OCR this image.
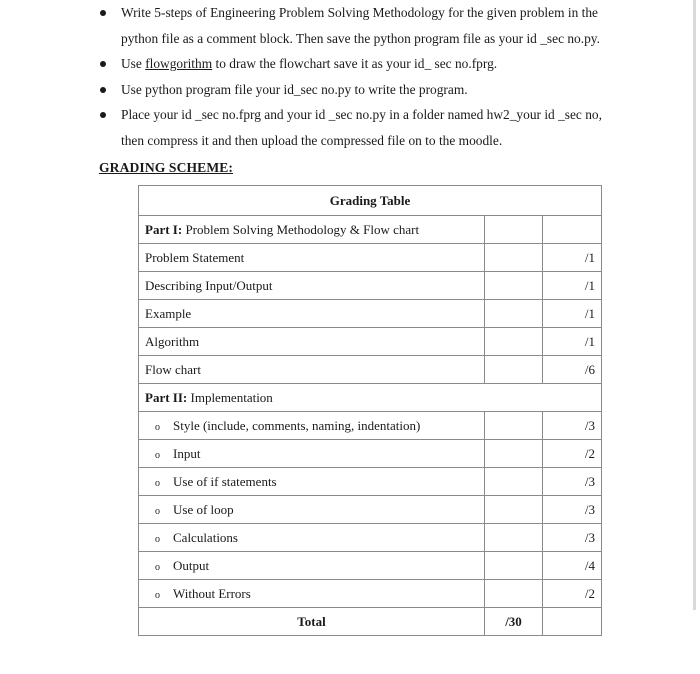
Write 5-steps of Engineering Problem Solving Methodology for the given problem in the
python file as a comment block. Then save the python program file as your id _sec no.py.
Use flowgorithm to draw the flowchart save it as your id_ sec no.fprg.
Use python program file your id_sec no.py to write the program.
Place your id _sec no.fprg and your id _sec no.py in a folder named hw2_your id _sec no,
then compress it and then upload the compressed file on to the moodle.
GRADING SCHEME:
Grading Table		
Part I: Problem Solving Methodology & Flow chart		
Problem Statement		/1
Describing Input/Output		/1
Example		/1
Algorithm		/1
Flow chart		/6
Part II: Implementation		
o Style (include, comments, naming, indentation)		/3
o Input		/2
o Use of if statements		/3
o Use of loop		/3
o Calculations		/3
o Output		/4
o Without Errors		/2
Total	/30	
